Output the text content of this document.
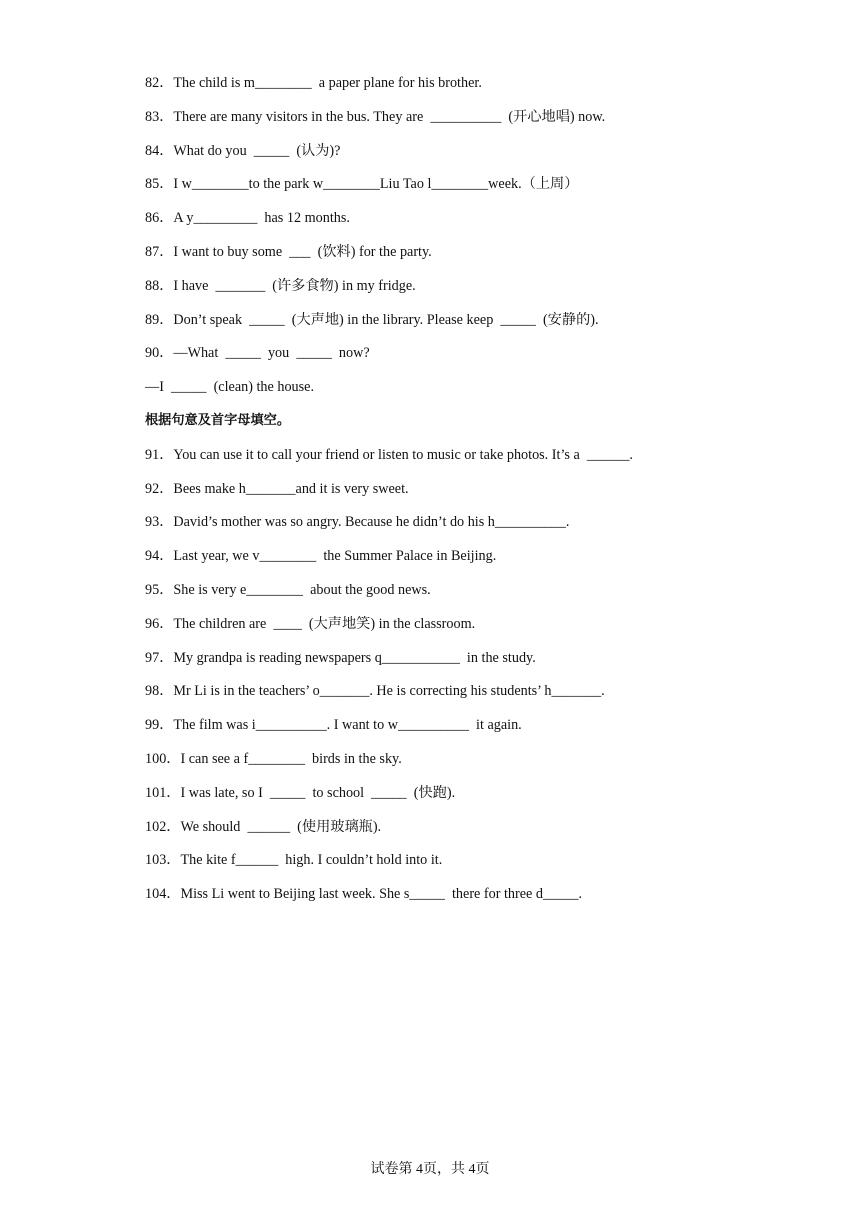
82．The child is m________  a paper plane for his brother.
83．There are many visitors in the bus. They are  __________  (开心地唱) now.
84．What do you  _____  (认为)?
85．I w________to the park w________Liu Tao l________week.（上周）
86．A y_________  has 12 months.
87．I want to buy some  ___  (饮料) for the party.
88．I have  _______  (许多食物) in my fridge.
89．Don’t speak  _____  (大声地) in the library. Please keep  _____  (安静的).
90．—What  _____  you  _____  now?
—I  _____  (clean) the house.
根据句意及首字母填空。
91．You can use it to call your friend or listen to music or take photos. It’s a  ______.
92．Bees make h_______and it is very sweet.
93．David’s mother was so angry. Because he didn’t do his h__________.
94．Last year, we v________  the Summer Palace in Beijing.
95．She is very e________  about the good news.
96．The children are  ____  (大声地笑) in the classroom.
97．My grandpa is reading newspapers q___________  in the study.
98．Mr Li is in the teachers’ o_______. He is correcting his students’ h_______.
99．The film was i__________. I want to w__________  it again.
100．I can see a f________  birds in the sky.
101．I was late, so I  _____  to school  _____  (快跑).
102．We should  ______  (使用玻璃瓶).
103．The kite f______  high. I couldn’t hold into it.
104．Miss Li went to Beijing last week. She s_____  there for three d_____.
试卷第 4页，共 4页
